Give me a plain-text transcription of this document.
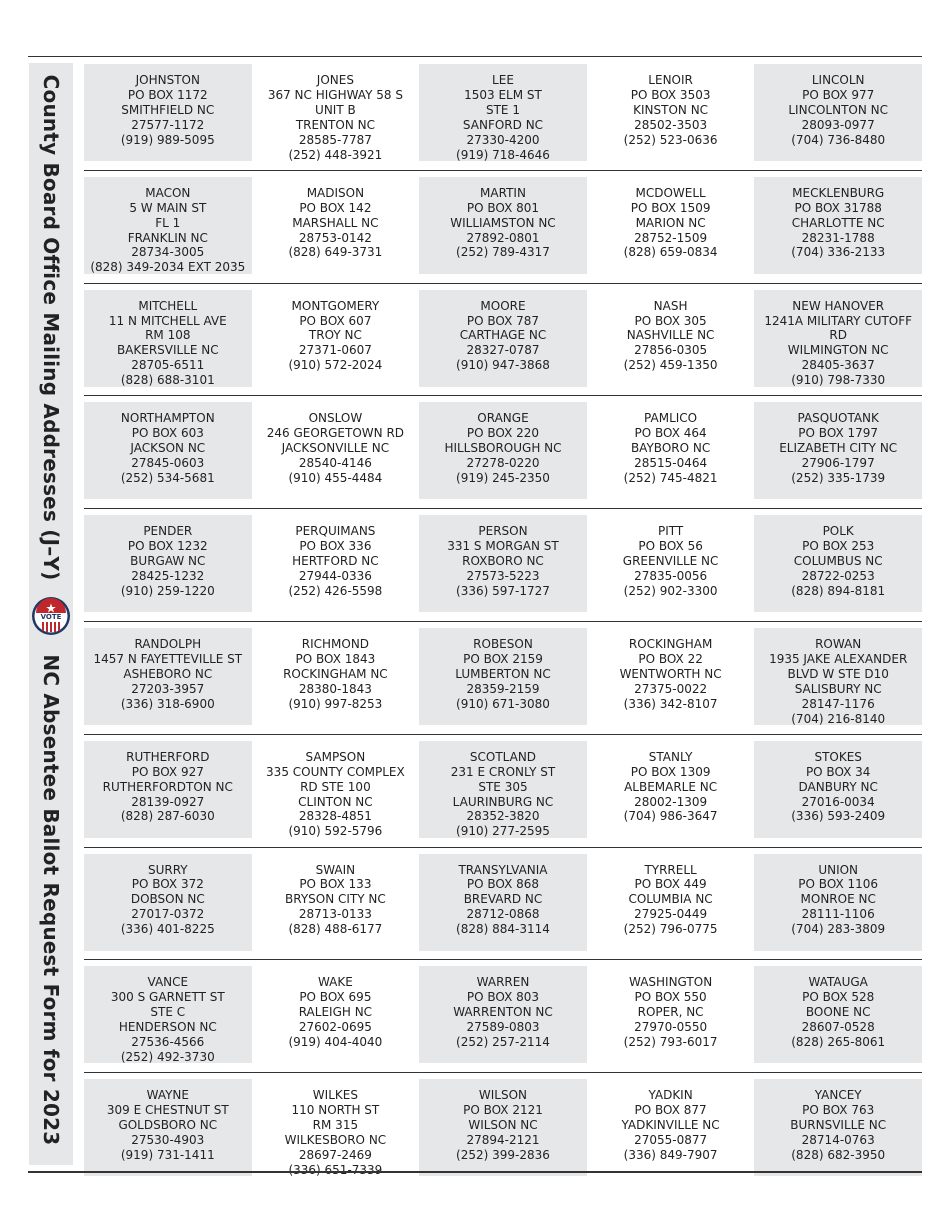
County Board Office Mailing Addresses (J–Y)NC Absentee Ballot Request Form for 2023
VOTE
JOHNSTON
PO BOX 1172
SMITHFIELD NC
27577-1172
(919) 989-5095
JONES
367 NC HIGHWAY 58 S
UNIT B
TRENTON NC
28585-7787
(252) 448-3921
LEE
1503 ELM ST
STE 1
SANFORD NC
27330-4200
(919) 718-4646
LENOIR
PO BOX 3503
KINSTON NC
28502-3503
(252) 523-0636
LINCOLN
PO BOX 977
LINCOLNTON NC
28093-0977
(704) 736-8480
MACON
5 W MAIN ST
FL 1
FRANKLIN NC
28734-3005
(828) 349-2034 EXT 2035
MADISON
PO BOX 142
MARSHALL NC
28753-0142
(828) 649-3731
MARTIN
PO BOX 801
WILLIAMSTON NC
27892-0801
(252) 789-4317
MCDOWELL
PO BOX 1509
MARION NC
28752-1509
(828) 659-0834
MECKLENBURG
PO BOX 31788
CHARLOTTE NC
28231-1788
(704) 336-2133
MITCHELL
11 N MITCHELL AVE
RM 108
BAKERSVILLE NC
28705-6511
(828) 688-3101
MONTGOMERY
PO BOX 607
TROY NC
27371-0607
(910) 572-2024
MOORE
PO BOX 787
CARTHAGE NC
28327-0787
(910) 947-3868
NASH
PO BOX 305
NASHVILLE NC
27856-0305
(252) 459-1350
NEW HANOVER
1241A MILITARY CUTOFF
RD
WILMINGTON NC
28405-3637
(910) 798-7330
NORTHAMPTON
PO BOX 603
JACKSON NC
27845-0603
(252) 534-5681
ONSLOW
246 GEORGETOWN RD
JACKSONVILLE NC
28540-4146
(910) 455-4484
ORANGE
PO BOX 220
HILLSBOROUGH NC
27278-0220
(919) 245-2350
PAMLICO
PO BOX 464
BAYBORO NC
28515-0464
(252) 745-4821
PASQUOTANK
PO BOX 1797
ELIZABETH CITY NC
27906-1797
(252) 335-1739
PENDER
PO BOX 1232
BURGAW NC
28425-1232
(910) 259-1220
PERQUIMANS
PO BOX 336
HERTFORD NC
27944-0336
(252) 426-5598
PERSON
331 S MORGAN ST
ROXBORO NC
27573-5223
(336) 597-1727
PITT
PO BOX 56
GREENVILLE NC
27835-0056
(252) 902-3300
POLK
PO BOX 253
COLUMBUS NC
28722-0253
(828) 894-8181
RANDOLPH
1457 N FAYETTEVILLE ST
ASHEBORO NC
27203-3957
(336) 318-6900
RICHMOND
PO BOX 1843
ROCKINGHAM NC
28380-1843
(910) 997-8253
ROBESON
PO BOX 2159
LUMBERTON NC
28359-2159
(910) 671-3080
ROCKINGHAM
PO BOX 22
WENTWORTH NC
27375-0022
(336) 342-8107
ROWAN
1935 JAKE ALEXANDER
BLVD W STE D10
SALISBURY NC
28147-1176
(704) 216-8140
RUTHERFORD
PO BOX 927
RUTHERFORDTON NC
28139-0927
(828) 287-6030
SAMPSON
335 COUNTY COMPLEX
RD STE 100
CLINTON NC
28328-4851
(910) 592-5796
SCOTLAND
231 E CRONLY ST
STE 305
LAURINBURG NC
28352-3820
(910) 277-2595
STANLY
PO BOX 1309
ALBEMARLE NC
28002-1309
(704) 986-3647
STOKES
PO BOX 34
DANBURY NC
27016-0034
(336) 593-2409
SURRY
PO BOX 372
DOBSON NC
27017-0372
(336) 401-8225
SWAIN
PO BOX 133
BRYSON CITY NC
28713-0133
(828) 488-6177
TRANSYLVANIA
PO BOX 868
BREVARD NC
28712-0868
(828) 884-3114
TYRRELL
PO BOX 449
COLUMBIA NC
27925-0449
(252) 796-0775
UNION
PO BOX 1106
MONROE NC
28111-1106
(704) 283-3809
VANCE
300 S GARNETT ST
STE C
HENDERSON NC
27536-4566
(252) 492-3730
WAKE
PO BOX 695
RALEIGH NC
27602-0695
(919) 404-4040
WARREN
PO BOX 803
WARRENTON NC
27589-0803
(252) 257-2114
WASHINGTON
PO BOX 550
ROPER, NC
27970-0550
(252) 793-6017
WATAUGA
PO BOX 528
BOONE NC
28607-0528
(828) 265-8061
WAYNE
309 E CHESTNUT ST
GOLDSBORO NC
27530-4903
(919) 731-1411
WILKES
110 NORTH ST
RM 315
WILKESBORO NC
28697-2469
(336) 651-7339
WILSON
PO BOX 2121
WILSON NC
27894-2121
(252) 399-2836
YADKIN
PO BOX 877
YADKINVILLE NC
27055-0877
(336) 849-7907
YANCEY
PO BOX 763
BURNSVILLE NC
28714-0763
(828) 682-3950
